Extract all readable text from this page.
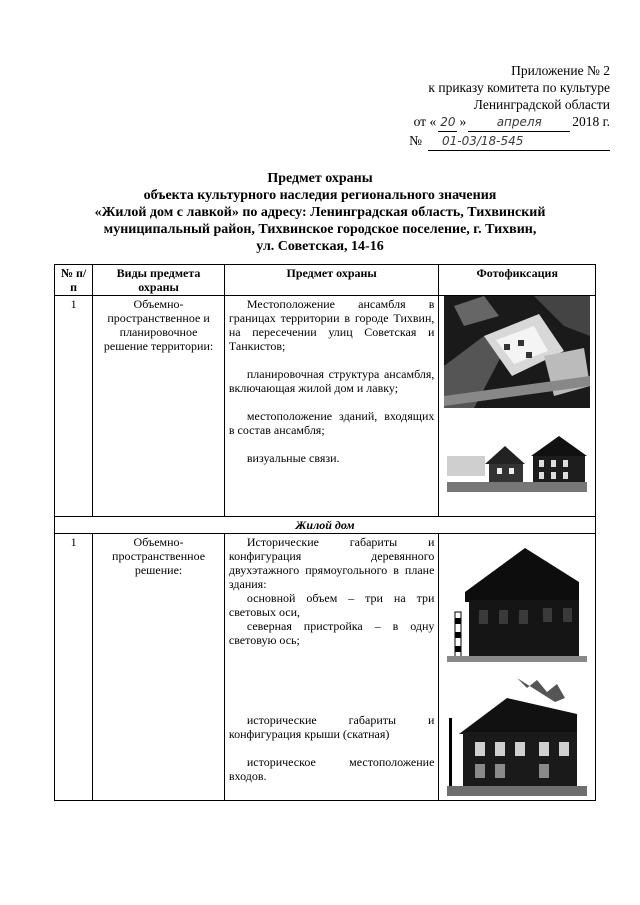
Приложение № 2
к приказу комитета по культуре
Ленинградской области
от « 20 »	апреля	2018 г.
№	01-03/18-545
Предмет охраны
объекта культурного наследия регионального значения
«Жилой дом с лавкой» по адресу: Ленинградская область, Тихвинский
муниципальный район, Тихвинское городское поселение, г. Тихвин,
ул. Советская, 14-16
№ п/п	Виды предмета охраны	Предмет охраны	Фотофиксация
1	Объемно-пространственное и планировочное решение территории:	Местоположение ансамбля в границах территории в городе Тихвин, на пересечении улиц Советская и Танкистов;

планировочная структура ансамбля, включающая жилой дом и лавку;

местоположение зданий, входящих в состав ансамбля;

визуальные связи.

Жилой дом			
1	Объемно-пространственное решение:	Исторические габариты и конфигурация деревянного двухэтажного прямоугольного в плане здания:

основной объем – три на три световых оси,

северная пристройка – в одну световую ось;

исторические габариты и конфигурация крыши (скатная)

историческое местоположение входов.
